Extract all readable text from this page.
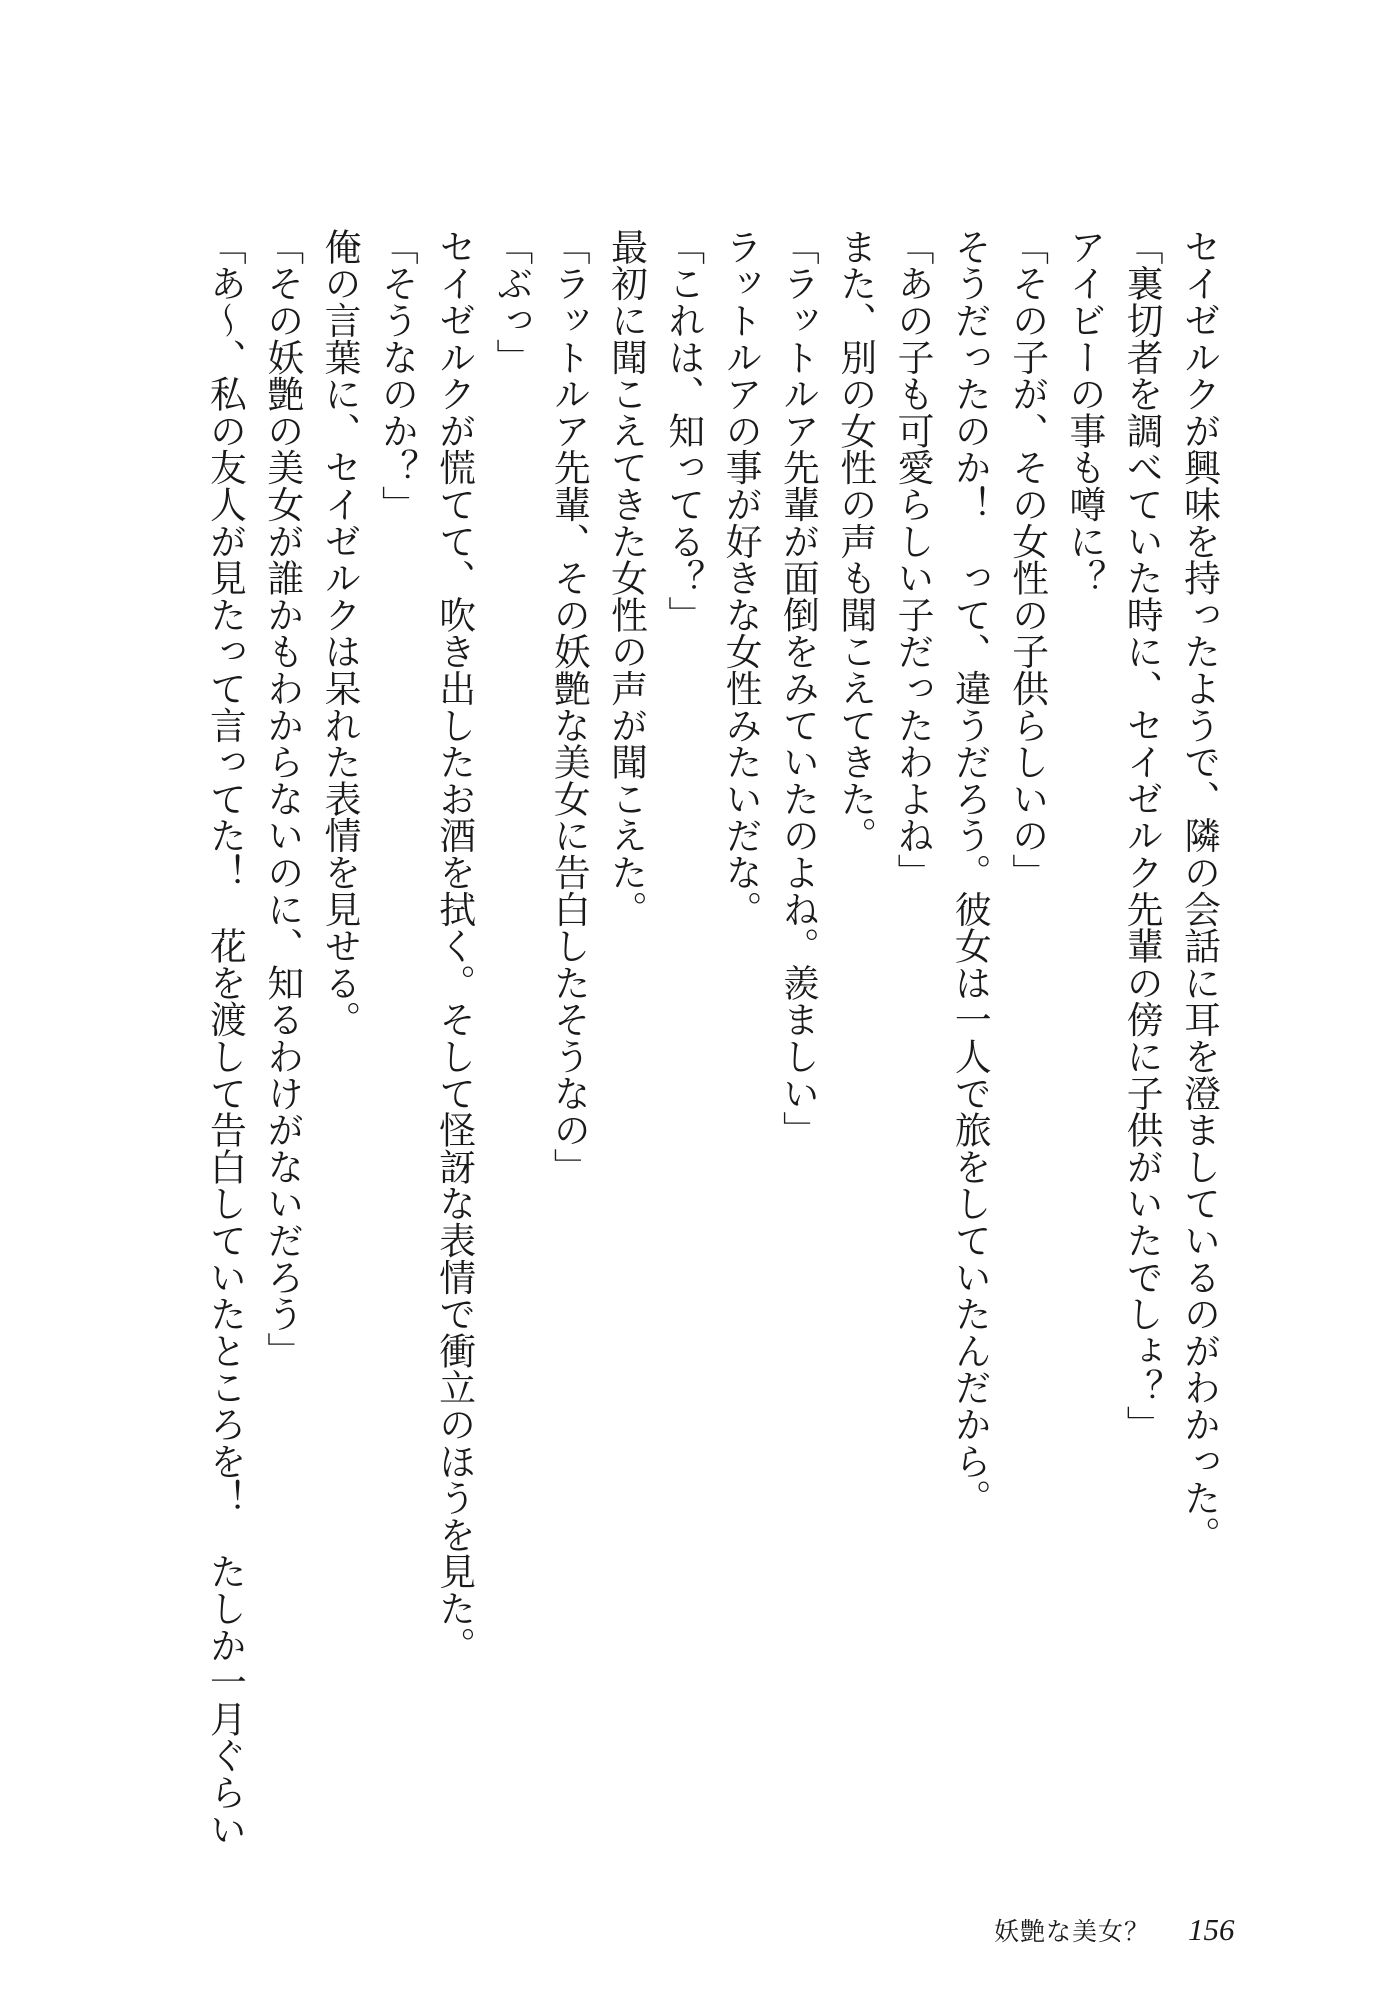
セイゼルクが興味を持ったようで、隣の会話に耳を澄ましているのがわかった。

「裏切者を調べていた時に、セイゼルク先輩の傍に子供がいたでしょ？」

アイビーの事も噂に？

「その子が、その女性の子供らしいの」

そうだったのか！　って、違うだろう。彼女は一人で旅をしていたんだから。

「あの子も可愛らしい子だったわよね」

また、別の女性の声も聞こえてきた。

「ラットルア先輩が面倒をみていたのよね。羨ましい」

ラットルアの事が好きな女性みたいだな。

「これは、知ってる？」

最初に聞こえてきた女性の声が聞こえた。

「ラットルア先輩、その妖艶な美女に告白したそうなの」

「ぶっ」

セイゼルクが慌てて、吹き出したお酒を拭く。そして怪訝な表情で衝立のほうを見た。

「そうなのか？」

俺の言葉に、セイゼルクは呆れた表情を見せる。

「その妖艶の美女が誰かもわからないのに、知るわけがないだろう」

「あ～、私の友人が見たって言ってた！　花を渡して告白していたところを！　たしか一月ぐらい

妖艶な美女？ 156
